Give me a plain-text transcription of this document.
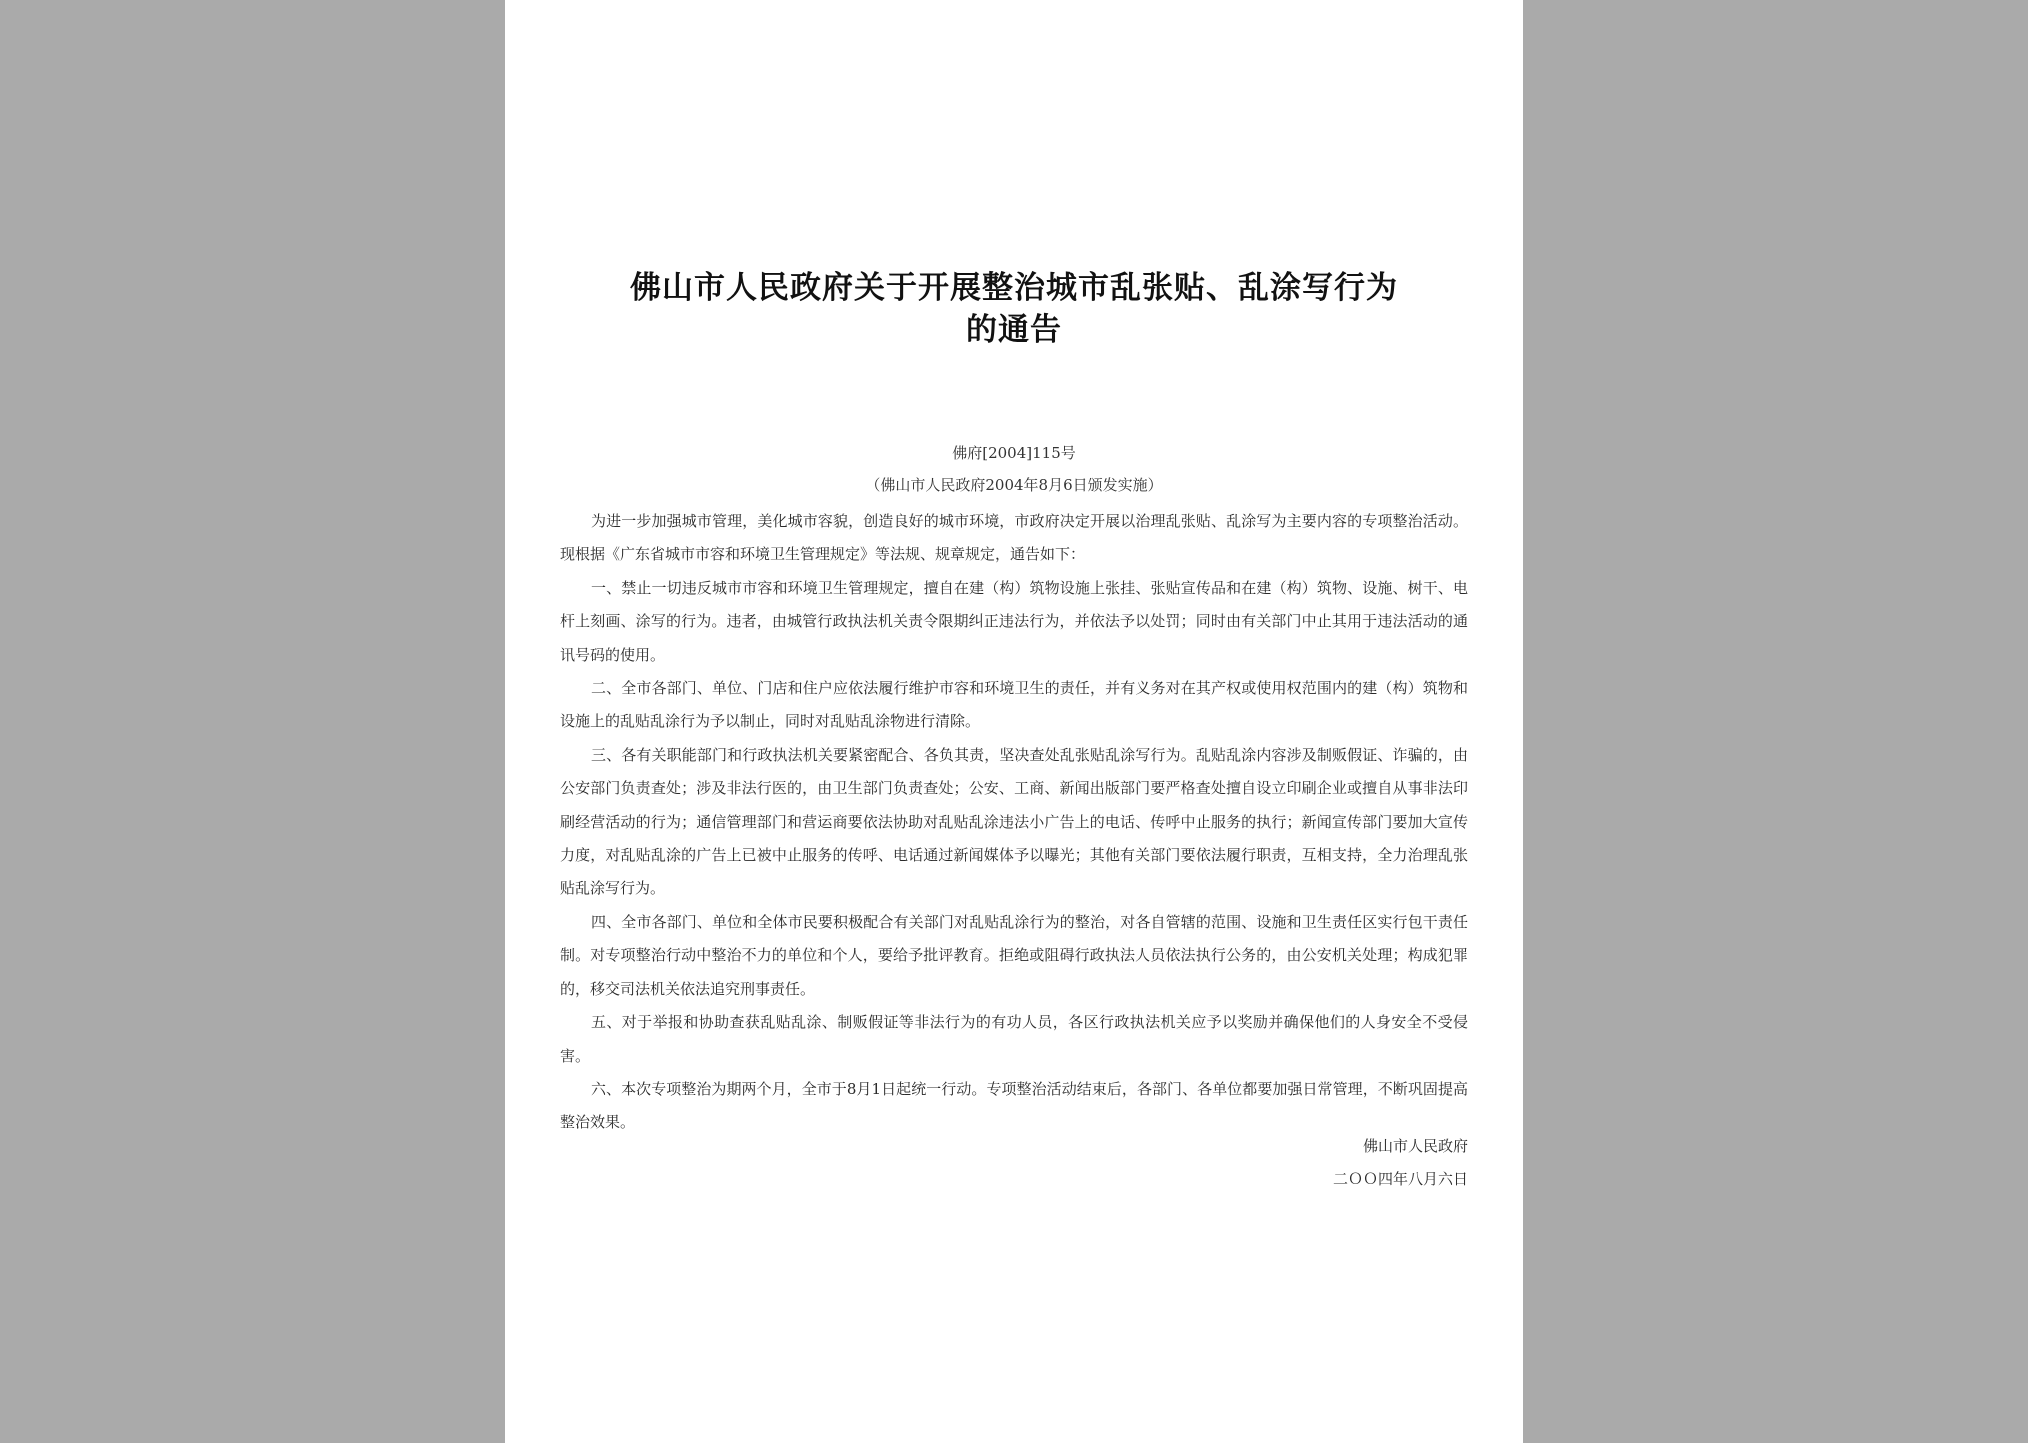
佛山市人民政府关于开展整治城市乱张贴、乱涂写行为
的通告
佛府[2004]115号
（佛山市人民政府2004年8月6日颁发实施）

为进一步加强城市管理，美化城市容貌，创造良好的城市环境，市政府决定开展以治理乱张贴、乱涂写为主要内容的专项整治活动。现根据《广东省城市市容和环境卫生管理规定》等法规、规章规定，通告如下：

一、禁止一切违反城市市容和环境卫生管理规定，擅自在建（构）筑物设施上张挂、张贴宣传品和在建（构）筑物、设施、树干、电杆上刻画、涂写的行为。违者，由城管行政执法机关责令限期纠正违法行为，并依法予以处罚；同时由有关部门中止其用于违法活动的通讯号码的使用。

二、全市各部门、单位、门店和住户应依法履行维护市容和环境卫生的责任，并有义务对在其产权或使用权范围内的建（构）筑物和设施上的乱贴乱涂行为予以制止，同时对乱贴乱涂物进行清除。

三、各有关职能部门和行政执法机关要紧密配合、各负其责，坚决查处乱张贴乱涂写行为。乱贴乱涂内容涉及制贩假证、诈骗的，由公安部门负责查处；涉及非法行医的，由卫生部门负责查处；公安、工商、新闻出版部门要严格查处擅自设立印刷企业或擅自从事非法印刷经营活动的行为；通信管理部门和营运商要依法协助对乱贴乱涂违法小广告上的电话、传呼中止服务的执行；新闻宣传部门要加大宣传力度，对乱贴乱涂的广告上已被中止服务的传呼、电话通过新闻媒体予以曝光；其他有关部门要依法履行职责，互相支持，全力治理乱张贴乱涂写行为。

四、全市各部门、单位和全体市民要积极配合有关部门对乱贴乱涂行为的整治，对各自管辖的范围、设施和卫生责任区实行包干责任制。对专项整治行动中整治不力的单位和个人，要给予批评教育。拒绝或阻碍行政执法人员依法执行公务的，由公安机关处理；构成犯罪的，移交司法机关依法追究刑事责任。

五、对于举报和协助查获乱贴乱涂、制贩假证等非法行为的有功人员，各区行政执法机关应予以奖励并确保他们的人身安全不受侵害。

六、本次专项整治为期两个月，全市于8月1日起统一行动。专项整治活动结束后，各部门、各单位都要加强日常管理，不断巩固提高整治效果。

佛山市人民政府
二ＯＯ四年八月六日
